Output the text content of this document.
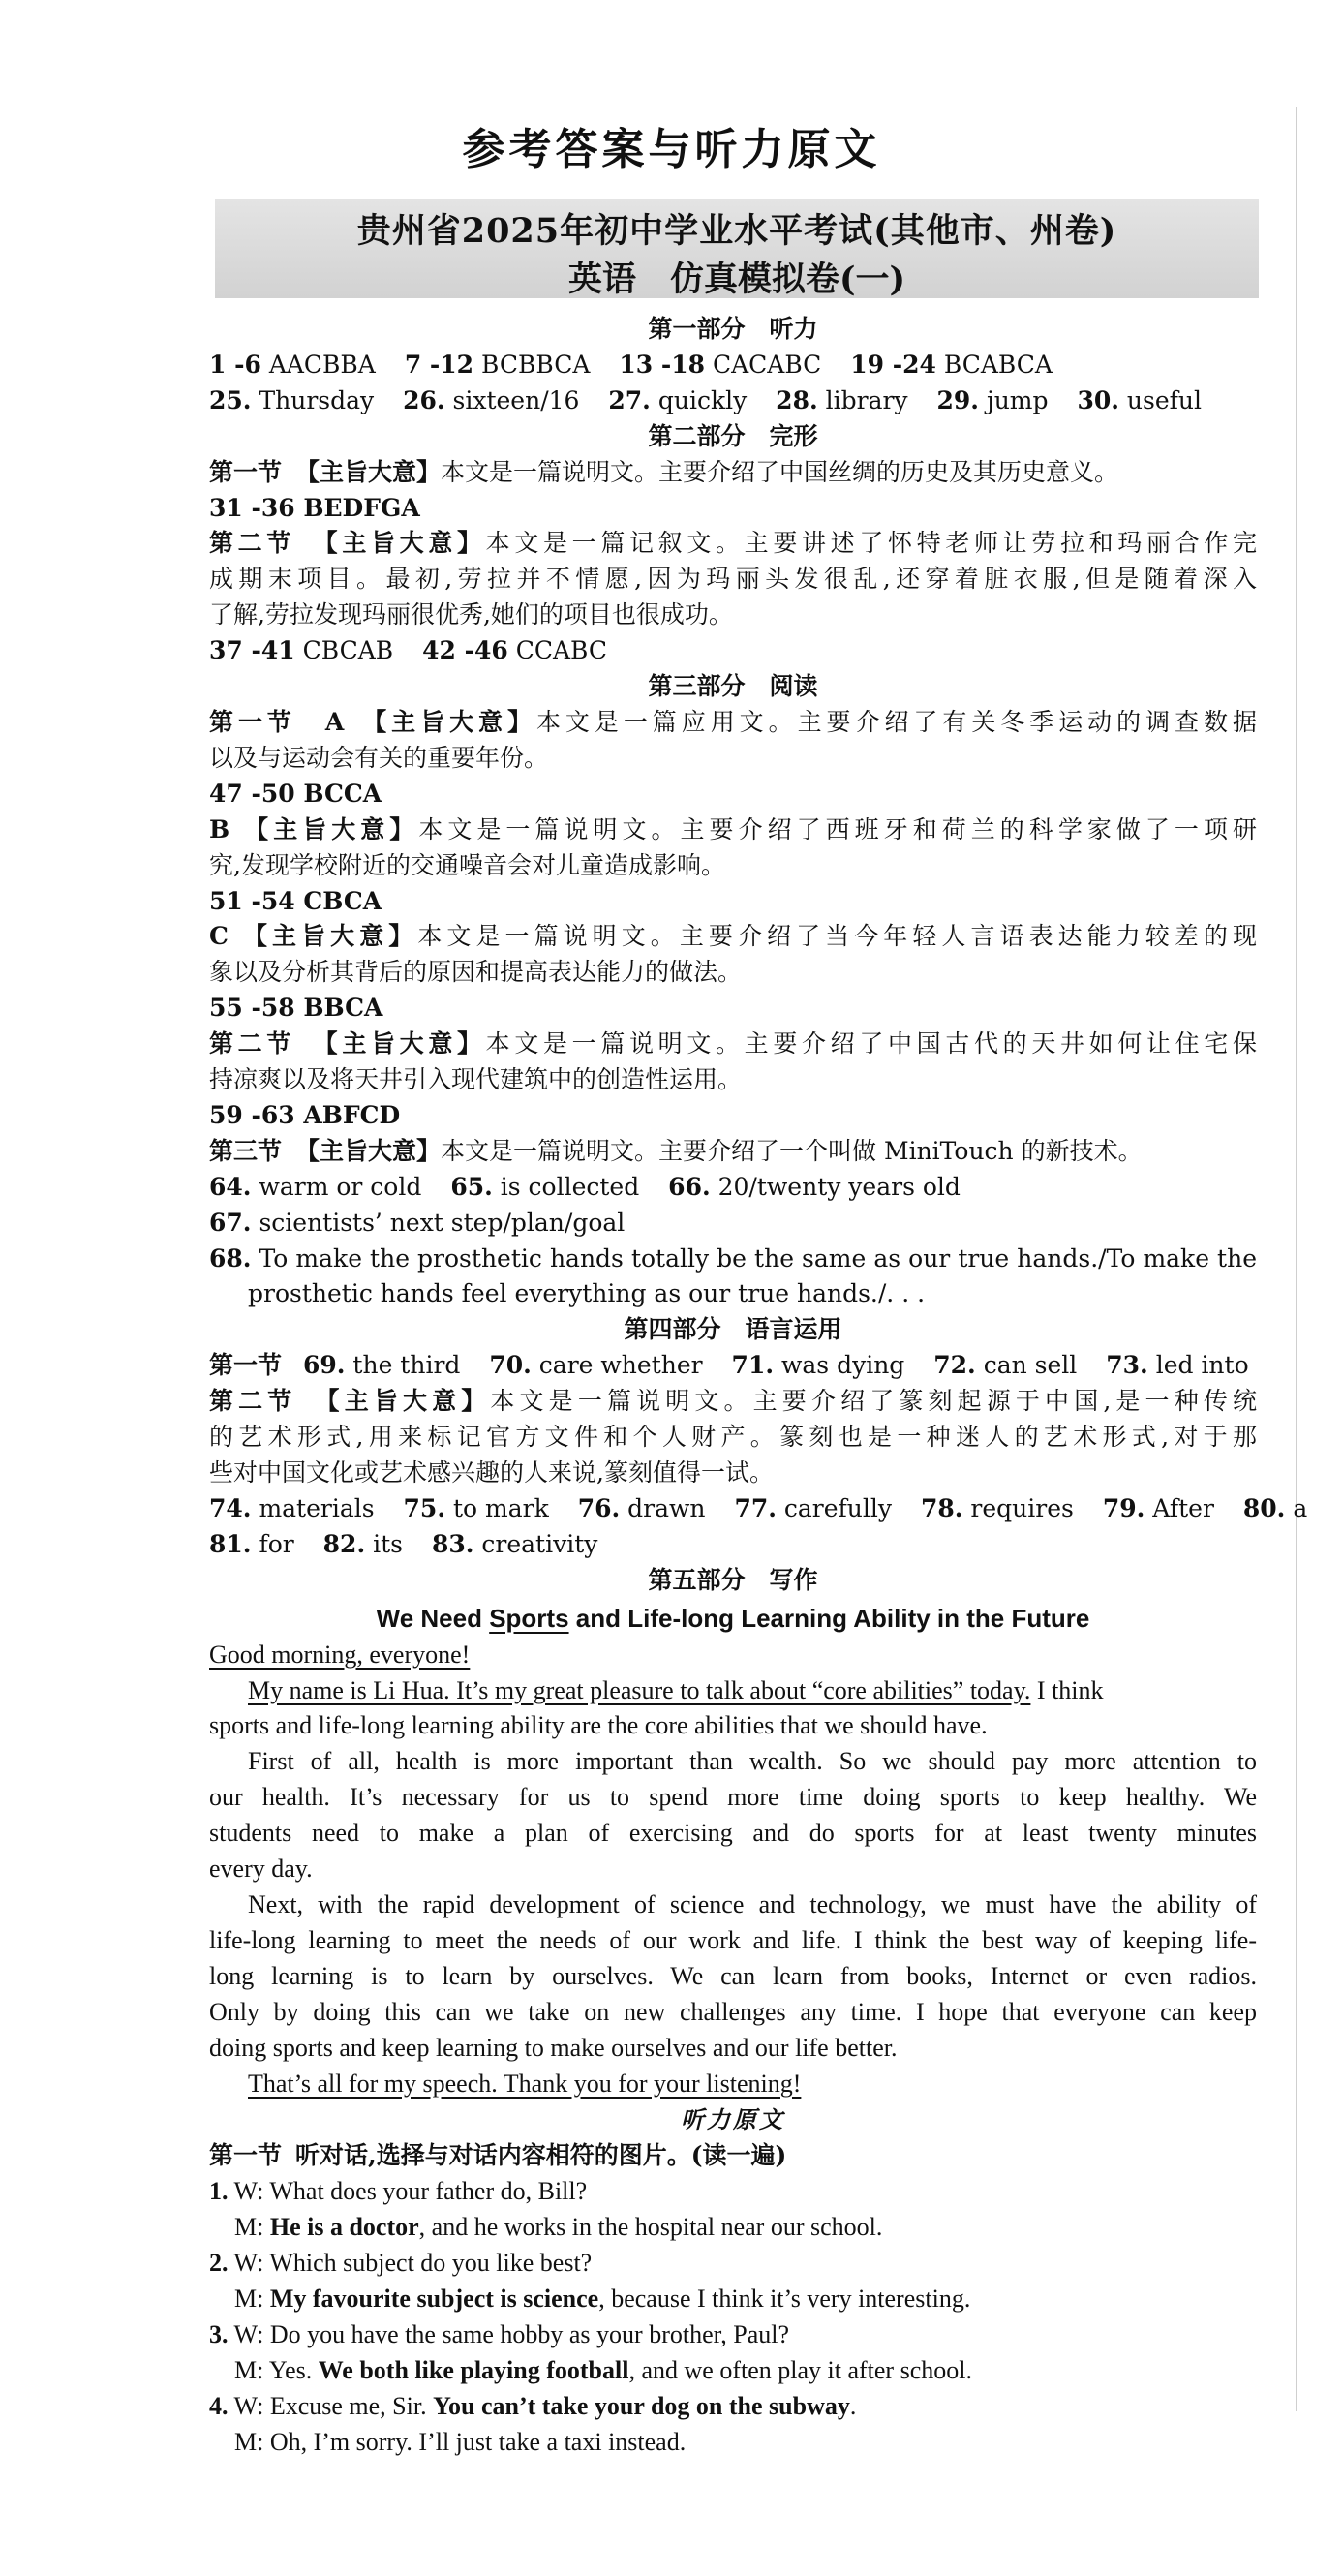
参考答案与听力原文
贵州省2025年初中学业水平考试(其他市、州卷)
英语　仿真模拟卷(一)
第一部分　听力
1 -6 AACBBA 7 -12 BCBBCA 13 -18 CACABC 19 -24 BCABCA
25. Thursday 26. sixteen/16 27. quickly 28. library 29. jump 30. useful
第二部分　完形
第一节 【主旨大意】本文是一篇说明文。主要介绍了中国丝绸的历史及其历史意义。
31 -36 BEDFGA
第二节 【主旨大意】本文是一篇记叙文。主要讲述了怀特老师让劳拉和玛丽合作完
成期末项目。最初,劳拉并不情愿,因为玛丽头发很乱,还穿着脏衣服,但是随着深入
了解,劳拉发现玛丽很优秀,她们的项目也很成功。
37 -41 CBCAB 42 -46 CCABC
第三部分　阅读
第一节　A 【主旨大意】本文是一篇应用文。主要介绍了有关冬季运动的调查数据
以及与运动会有关的重要年份。
47 -50 BCCA
B 【主旨大意】本文是一篇说明文。主要介绍了西班牙和荷兰的科学家做了一项研
究,发现学校附近的交通噪音会对儿童造成影响。
51 -54 CBCA
C 【主旨大意】本文是一篇说明文。主要介绍了当今年轻人言语表达能力较差的现
象以及分析其背后的原因和提高表达能力的做法。
55 -58 BBCA
第二节 【主旨大意】本文是一篇说明文。主要介绍了中国古代的天井如何让住宅保
持凉爽以及将天井引入现代建筑中的创造性运用。
59 -63 ABFCD
第三节 【主旨大意】本文是一篇说明文。主要介绍了一个叫做 MiniTouch 的新技术。
64. warm or cold 65. is collected 66. 20/twenty years old
67. scientists’ next step/plan/goal
68. To make the prosthetic hands totally be the same as our true hands./To make the
prosthetic hands feel everything as our true hands./. . .
第四部分　语言运用
第一节 69. the third 70. care whether 71. was dying 72. can sell 73. led into
第二节 【主旨大意】本文是一篇说明文。主要介绍了篆刻起源于中国,是一种传统
的艺术形式,用来标记官方文件和个人财产。篆刻也是一种迷人的艺术形式,对于那
些对中国文化或艺术感兴趣的人来说,篆刻值得一试。
74. materials 75. to mark 76. drawn 77. carefully 78. requires 79. After 80. a
81. for 82. its 83. creativity
第五部分　写作
We Need Sports and Life-long Learning Ability in the Future
Good morning, everyone!
My name is Li Hua. It’s my great pleasure to talk about “core abilities” today. I think
sports and life-long learning ability are the core abilities that we should have.
First of all, health is more important than wealth. So we should pay more attention to
our health. It’s necessary for us to spend more time doing sports to keep healthy. We
students need to make a plan of exercising and do sports for at least twenty minutes
every day.
Next, with the rapid development of science and technology, we must have the ability of
life-long learning to meet the needs of our work and life. I think the best way of keeping life-
long learning is to learn by ourselves. We can learn from books, Internet or even radios.
Only by doing this can we take on new challenges any time. I hope that everyone can keep
doing sports and keep learning to make ourselves and our life better.
That’s all for my speech. Thank you for your listening!
听力原文
第一节 听对话,选择与对话内容相符的图片。(读一遍)
1. W: What does your father do, Bill?
M: He is a doctor, and he works in the hospital near our school.
2. W: Which subject do you like best?
M: My favourite subject is science, because I think it’s very interesting.
3. W: Do you have the same hobby as your brother, Paul?
M: Yes. We both like playing football, and we often play it after school.
4. W: Excuse me, Sir. You can’t take your dog on the subway.
M: Oh, I’m sorry. I’ll just take a taxi instead.
